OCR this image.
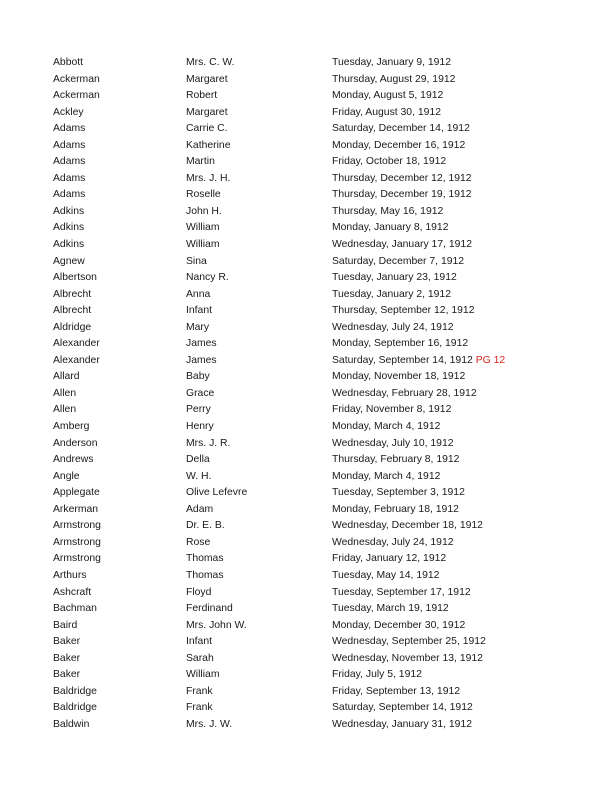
Abbott	Mrs. C. W.	Tuesday, January 9, 1912
Ackerman	Margaret	Thursday, August 29, 1912
Ackerman	Robert	Monday, August 5, 1912
Ackley	Margaret	Friday, August 30, 1912
Adams	Carrie C.	Saturday, December 14, 1912
Adams	Katherine	Monday, December 16, 1912
Adams	Martin	Friday, October 18, 1912
Adams	Mrs. J. H.	Thursday, December 12, 1912
Adams	Roselle	Thursday, December 19, 1912
Adkins	John H.	Thursday, May 16, 1912
Adkins	William	Monday, January 8, 1912
Adkins	William	Wednesday, January 17, 1912
Agnew	Sina	Saturday, December 7, 1912
Albertson	Nancy R.	Tuesday, January 23, 1912
Albrecht	Anna	Tuesday, January 2, 1912
Albrecht	Infant	Thursday, September 12, 1912
Aldridge	Mary	Wednesday, July 24, 1912
Alexander	James	Monday, September 16, 1912
Alexander	James	Saturday, September 14, 1912 PG 12
Allard	Baby	Monday, November 18, 1912
Allen	Grace	Wednesday, February 28, 1912
Allen	Perry	Friday, November 8, 1912
Amberg	Henry	Monday, March 4, 1912
Anderson	Mrs. J. R.	Wednesday, July 10, 1912
Andrews	Della	Thursday, February 8, 1912
Angle	W. H.	Monday, March 4, 1912
Applegate	Olive Lefevre	Tuesday, September 3, 1912
Arkerman	Adam	Monday, February 18, 1912
Armstrong	Dr. E. B.	Wednesday, December 18, 1912
Armstrong	Rose	Wednesday, July 24, 1912
Armstrong	Thomas	Friday, January 12, 1912
Arthurs	Thomas	Tuesday, May 14, 1912
Ashcraft	Floyd	Tuesday, September 17, 1912
Bachman	Ferdinand	Tuesday, March 19, 1912
Baird	Mrs. John W.	Monday, December 30, 1912
Baker	Infant	Wednesday, September 25, 1912
Baker	Sarah	Wednesday, November 13, 1912
Baker	William	Friday, July 5, 1912
Baldridge	Frank	Friday, September 13, 1912
Baldridge	Frank	Saturday, September 14, 1912
Baldwin	Mrs. J. W.	Wednesday, January 31, 1912
